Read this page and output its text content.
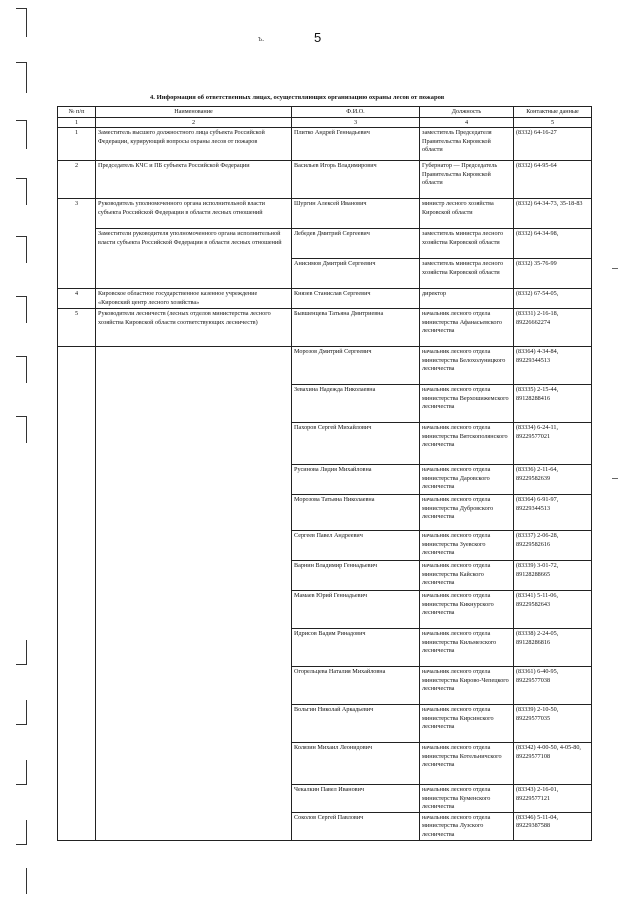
ъ.	5
4. Информация об ответственных лицах, осуществляющих организацию охраны лесов от пожаров
№ п/п	Наименование	Ф.И.О.	Должность	Контактные данные
1	2	3	4	5
1	Заместитель высшего должностного лица субъекта Российской Федерации, курирующий вопросы охраны лесов от пожаров	Плитко Андрей Геннадьевич	заместитель Председателя Правительства Кировской области	(8332) 64-16-27
2	Председатель КЧС и ПБ субъекта Российской Федерации	Васильев Игорь Владимирович	Губернатор — Председатель Правительства Кировской области	(8332) 64-95-64
3	Руководитель уполномоченного органа исполнительной власти субъекта Российской Федерации в области лесных отношений	Шургин Алексей Иванович	министр лесного хозяйства Кировской области	(8332) 64-34-73, 35-18-83
	Заместители руководителя уполномоченного органа исполнительной власти субъекта Российской Федерации в области лесных отношений	Лебедев Дмитрий Сергеевич	заместитель министра лесного хозяйства Кировской области	(8332) 64-34-98,
		Анисимов Дмитрий Сергеевич	заместитель министра лесного хозяйства Кировской области	(8332) 35-76-99
4	Кировское областное государственное казенное учреждение «Кировский центр лесного хозяйства»	Князев Станислав Сергеевич	директор	(8332) 67-54-05,
5	Руководители лесничеств (лесных отделов министерства лесного хозяйства Кировской области соответствующих лесничеств)	Бывшенцева Татьяна Дмитриевна	начальник лесного отдела министерства Афанасьевского лесничества	(83331) 2-16-18, 89226662274
		Морозов Дмитрий Сергеевич	начальник лесного отдела министерства Белохолуницкого лесничества	(83364) 4-34-84, 89229344513
		Зевахина Надежда Николаевна	начальник лесного отдела министерства Верхошижемского лесничества	(83335) 2-15-44, 89128288416
		Пахоров Сергей Михайлович	начальник лесного отдела министерства Вятскополянского лесничества	(83334) 6-24-11, 89229577021
		Русинова Лидия Михайловна	начальник лесного отдела министерства Даровского лесничества	(83336) 2-11-64, 89229582639
		Морозова Татьяна Николаевна	начальник лесного отдела министерства Дубровского лесничества	(83364) 6-91-97, 89229344513
		Сергеев Павел Андреевич	начальник лесного отдела министерства Зуевского лесничества	(83337) 2-06-28, 89229582616
		Варнин Владимир Геннадьевич	начальник лесного отдела министерства Кайского лесничества	(83339) 3-01-72, 89128288665
		Мамаев Юрий Геннадьевич	начальник лесного отдела министерства Кикнурского лесничества	(83341) 5-11-06, 89229582643
		Идрисов Вадим Ринадович	начальник лесного отдела министерства Кильмезского лесничества	(83338) 2-24-05, 89128286816
		Огорельцева Наталия Михайловна	начальник лесного отдела министерства Кирово-Чепецкого лесничества	(83361) 6-40-95, 89229577038
		Вольгин Николай Аркадьевич	начальник лесного отдела министерства Кирсинского лесничества	(83339) 2-10-50, 89229577035
		Колязин Михаил Леонидович	начальник лесного отдела министерства Котельничского лесничества	(83342) 4-00-50, 4-05-80, 89229577108
		Чекалкин Павел Иванович	начальник лесного отдела министерства Куменского лесничества	(83343) 2-16-01, 89229577121
		Соколов Сергей Павлович	начальник лесного отдела министерства Лузского лесничества	(83346) 5-11-04, 89229387588
